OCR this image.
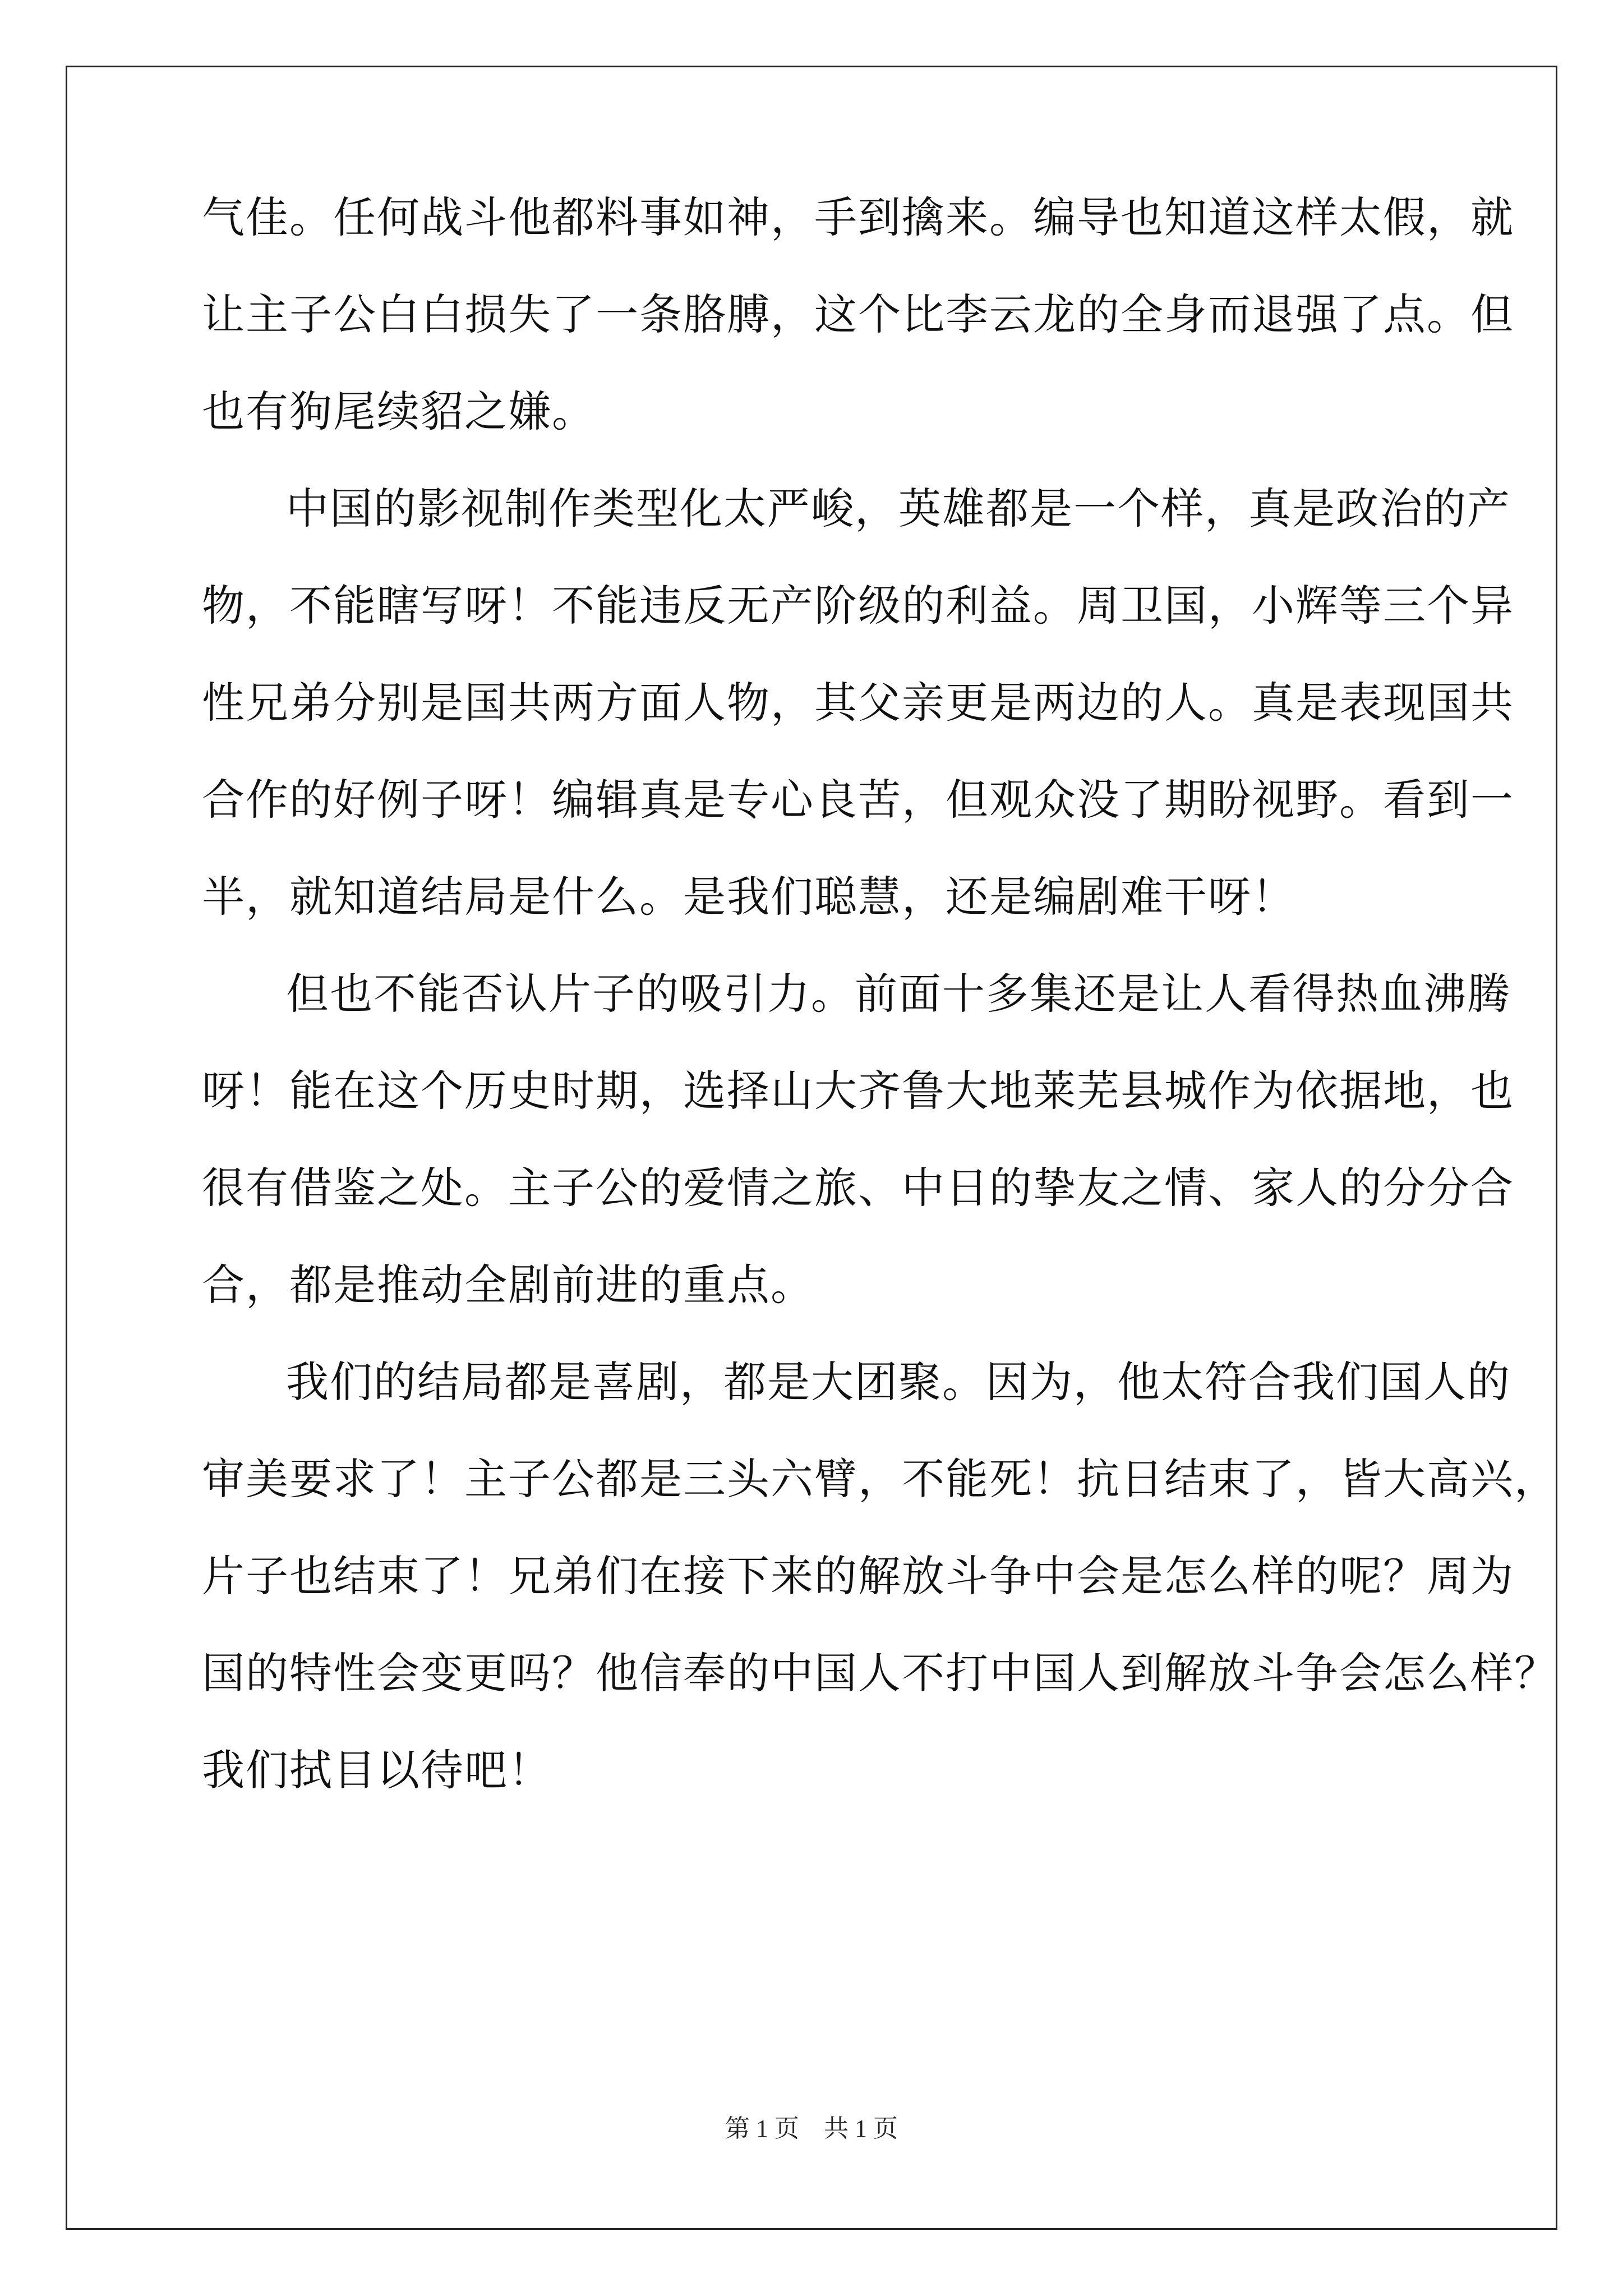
气佳。任何战斗他都料事如神，手到擒来。编导也知道这样太假，就
让主子公白白损失了一条胳膊，这个比李云龙的全身而退强了点。但
也有狗尾续貂之嫌。
中国的影视制作类型化太严峻，英雄都是一个样，真是政治的产
物，不能瞎写呀！不能违反无产阶级的利益。周卫国，小辉等三个异
性兄弟分别是国共两方面人物，其父亲更是两边的人。真是表现国共
合作的好例子呀！编辑真是专心良苦，但观众没了期盼视野。看到一
半，就知道结局是什么。是我们聪慧，还是编剧难干呀！
但也不能否认片子的吸引力。前面十多集还是让人看得热血沸腾
呀！能在这个历史时期，选择山大齐鲁大地莱芜县城作为依据地，也
很有借鉴之处。主子公的爱情之旅、中日的挚友之情、家人的分分合
合，都是推动全剧前进的重点。
我们的结局都是喜剧，都是大团聚。因为，他太符合我们国人的
审美要求了！主子公都是三头六臂，不能死！抗日结束了，皆大高兴，
片子也结束了！兄弟们在接下来的解放斗争中会是怎么样的呢？周为
国的特性会变更吗？他信奉的中国人不打中国人到解放斗争会怎么样？
我们拭目以待吧！
第 1 页　共 1 页
